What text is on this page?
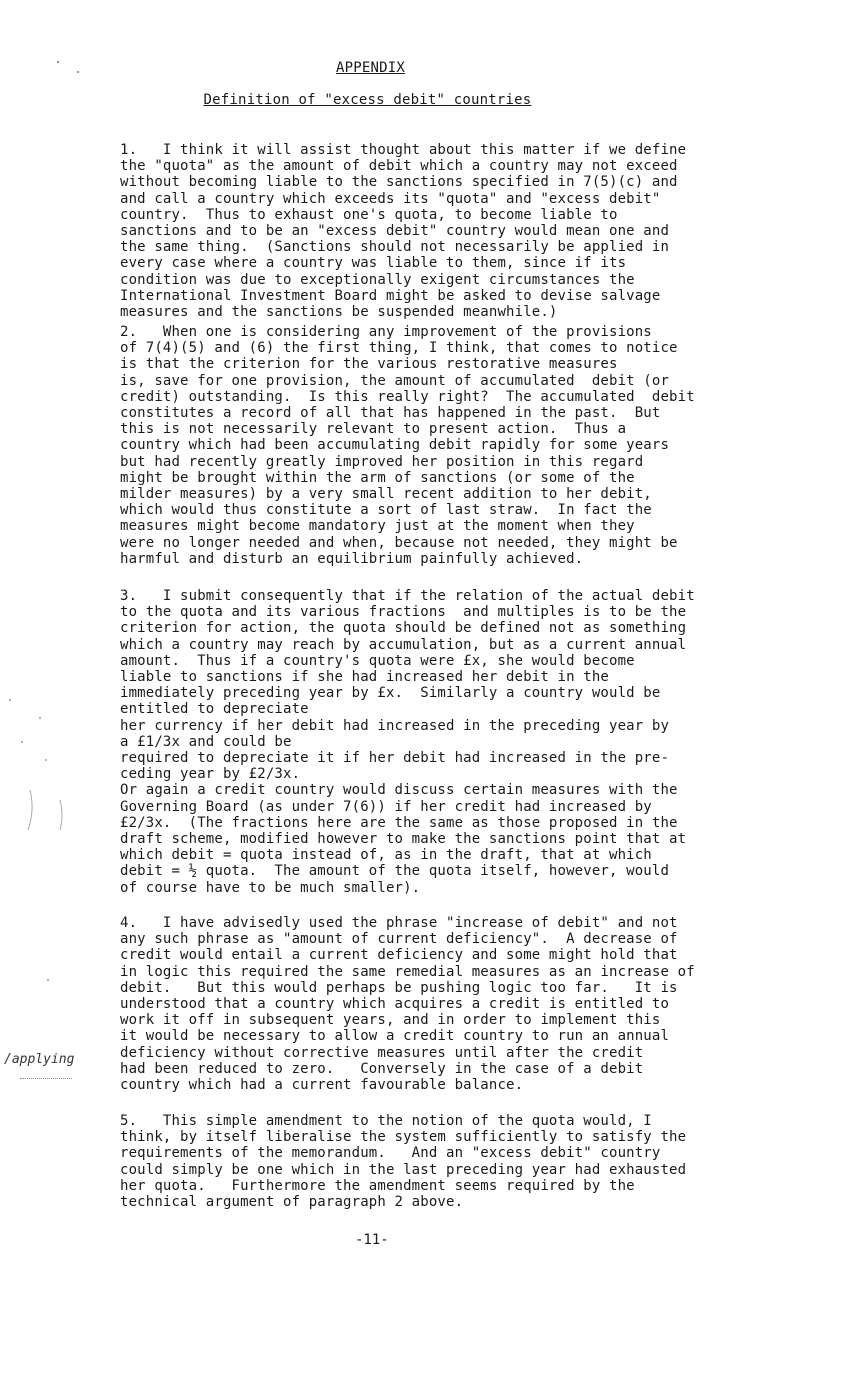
APPENDIX
Definition of "excess debit" countries
1.   I think it will assist thought about this matter if we define
the "quota" as the amount of debit which a country may not exceed
without becoming liable to the sanctions specified in 7(5)(c) and
and call a country which exceeds its "quota" and "excess debit"
country.  Thus to exhaust one's quota, to become liable to
sanctions and to be an "excess debit" country would mean one and
the same thing.  (Sanctions should not necessarily be applied in
every case where a country was liable to them, since if its
condition was due to exceptionally exigent circumstances the
International Investment Board might be asked to devise salvage
measures and the sanctions be suspended meanwhile.)
2.   When one is considering any improvement of the provisions
of 7(4)(5) and (6) the first thing, I think, that comes to notice
is that the criterion for the various restorative measures
is, save for one provision, the amount of accumulated  debit (or
credit) outstanding.  Is this really right?  The accumulated  debit
constitutes a record of all that has happened in the past.  But
this is not necessarily relevant to present action.  Thus a
country which had been accumulating debit rapidly for some years
but had recently greatly improved her position in this regard
might be brought within the arm of sanctions (or some of the
milder measures) by a very small recent addition to her debit,
which would thus constitute a sort of last straw.  In fact the
measures might become mandatory just at the moment when they
were no longer needed and when, because not needed, they might be
harmful and disturb an equilibrium painfully achieved.
3.   I submit consequently that if the relation of the actual debit
to the quota and its various fractions  and multiples is to be the
criterion for action, the quota should be defined not as something
which a country may reach by accumulation, but as a current annual
amount.  Thus if a country's quota were £x, she would become
liable to sanctions if she had increased her debit in the
immediately preceding year by £x.  Similarly a country would be
entitled to depreciate
her currency if her debit had increased in the preceding year by
a £1/3x and could be
required to depreciate it if her debit had increased in the pre-
ceding year by £2/3x.
Or again a credit country would discuss certain measures with the
Governing Board (as under 7(6)) if her credit had increased by
£2/3x.  (The fractions here are the same as those proposed in the
draft scheme, modified however to make the sanctions point that at
which debit = quota instead of, as in the draft, that at which
debit = ½ quota.  The amount of the quota itself, however, would
of course have to be much smaller).
4.   I have advisedly used the phrase "increase of debit" and not
any such phrase as "amount of current deficiency".  A decrease of
credit would entail a current deficiency and some might hold that
in logic this required the same remedial measures as an increase of
debit.   But this would perhaps be pushing logic too far.   It is
understood that a country which acquires a credit is entitled to
work it off in subsequent years, and in order to implement this
it would be necessary to allow a credit country to run an annual
deficiency without corrective measures until after the credit
had been reduced to zero.   Conversely in the case of a debit
country which had a current favourable balance.
5.   This simple amendment to the notion of the quota would, I
think, by itself liberalise the system sufficiently to satisfy the
requirements of the memorandum.   And an "excess debit" country
could simply be one which in the last preceding year had exhausted
her quota.   Furthermore the amendment seems required by the
technical argument of paragraph 2 above.
/applying
-11-
